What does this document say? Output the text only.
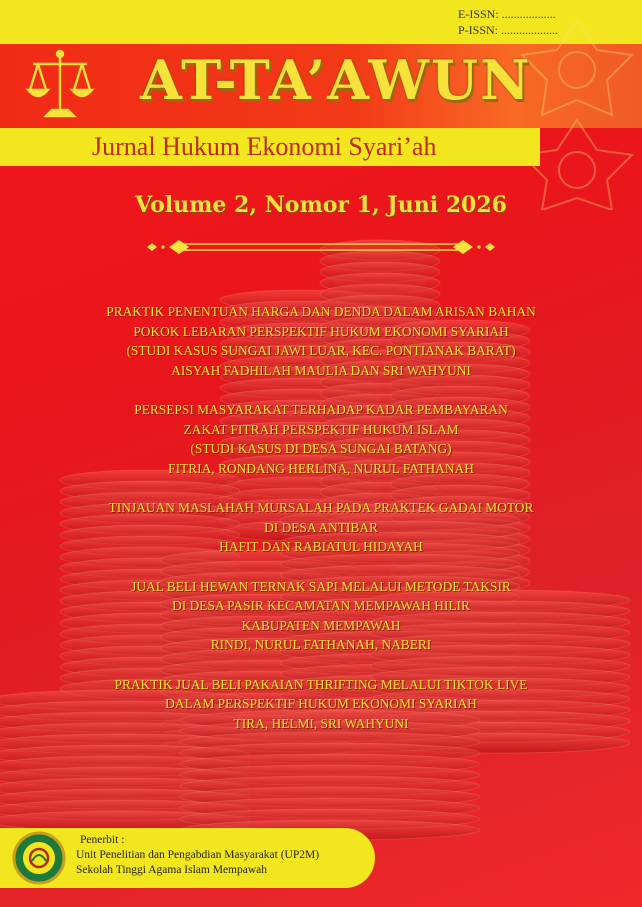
E-ISSN: ..................
P-ISSN: ...................
AT-TA’AWUN
Jurnal Hukum Ekonomi Syari’ah
Volume 2, Nomor 1, Juni 2026
PRAKTIK PENENTUAN HARGA DAN DENDA DALAM ARISAN BAHAN
POKOK LEBARAN PERSPEKTIF HUKUM EKONOMI SYARIAH
(STUDI KASUS SUNGAI JAWI LUAR, KEC. PONTIANAK BARAT)
AISYAH FADHILAH MAULIA DAN SRI WAHYUNI
PERSEPSI MASYARAKAT TERHADAP KADAR PEMBAYARAN
ZAKAT FITRAH PERSPEKTIF HUKUM ISLAM
(STUDI KASUS DI DESA SUNGAI BATANG)
FITRIA, RONDANG HERLINA, NURUL FATHANAH
TINJAUAN MASLAHAH MURSALAH PADA PRAKTEK GADAI MOTOR
DI DESA ANTIBAR
HAFIT DAN RABIATUL HIDAYAH
JUAL BELI HEWAN TERNAK SAPI MELALUI METODE TAKSIR
DI DESA PASIR KECAMATAN MEMPAWAH HILIR
KABUPATEN MEMPAWAH
RINDI, NURUL FATHANAH, NABERI
PRAKTIK JUAL BELI PAKAIAN THRIFTING MELALUI TIKTOK LIVE
DALAM PERSPEKTIF HUKUM EKONOMI SYARIAH
TIRA, HELMI, SRI WAHYUNI
Penerbit :
Unit Penelitian dan Pengabdian Masyarakat (UP2M)
Sekolah Tinggi Agama Islam Mempawah
